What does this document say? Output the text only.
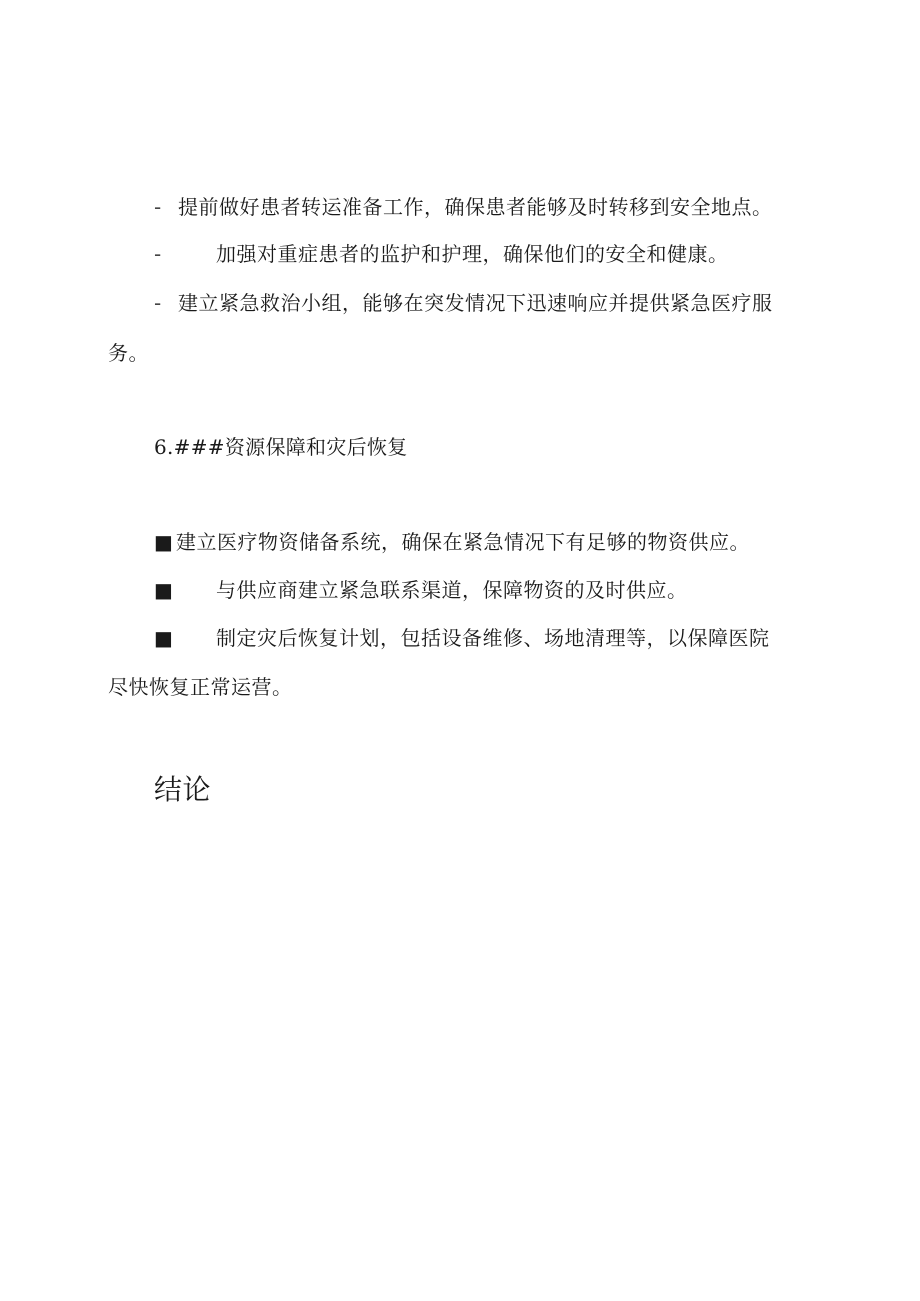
- 提前做好患者转运准备工作，确保患者能够及时转移到安全地点。
-	加强对重症患者的监护和护理，确保他们的安全和健康。
- 建立紧急救治小组，能够在突发情况下迅速响应并提供紧急医疗服
务。
6.###资源保障和灾后恢复
■ 建立医疗物资储备系统，确保在紧急情况下有足够的物资供应。
■ 与供应商建立紧急联系渠道，保障物资的及时供应。
■ 制定灾后恢复计划，包括设备维修、场地清理等，以保障医院
尽快恢复正常运营。
结论
